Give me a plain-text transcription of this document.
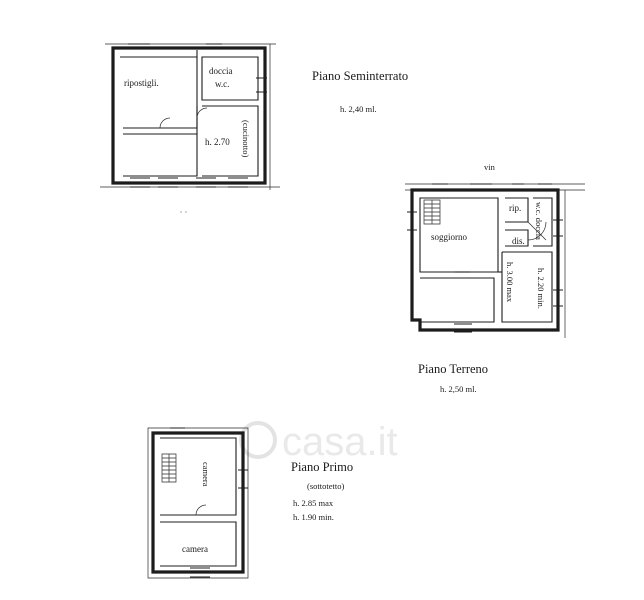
casa.it
ripostigli.
doccia
w.c.
h. 2.70 (cucinotto)
Piano Seminterrato
h. 2,40 ml.
vin
soggiorno
rip. w.c. doccia
dis.
h. 3.00 max h. 2.20 min.
Piano Terreno
h. 2,50 ml.
camera
camera
Piano Primo
(sottotetto)
h. 2.85 max
h. 1.90 min.
